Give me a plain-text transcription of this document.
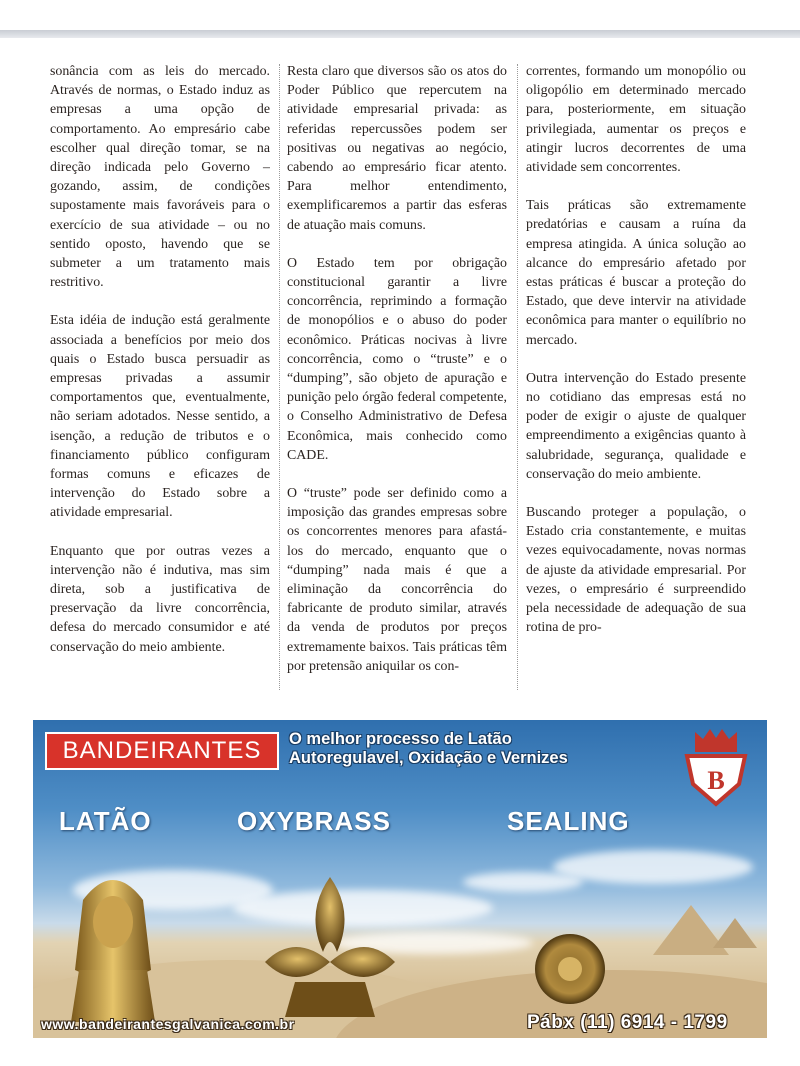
sonância com as leis do mercado. Através de normas, o Estado induz as empresas a uma opção de comportamento. Ao empresário cabe escolher qual direção tomar, se na direção indicada pelo Governo – gozando, assim, de condições supostamente mais favoráveis para o exercício de sua atividade – ou no sentido oposto, havendo que se submeter a um tratamento mais restritivo.

Esta idéia de indução está geralmente associada a benefícios por meio dos quais o Estado busca persuadir as empresas privadas a assumir comportamentos que, eventualmente, não seriam adotados. Nesse sentido, a isenção, a redução de tributos e o financiamento público configuram formas comuns e eficazes de intervenção do Estado sobre a atividade empresarial.

Enquanto que por outras vezes a intervenção não é indutiva, mas sim direta, sob a justificativa de preservação da livre concorrência, defesa do mercado consumidor e até conservação do meio ambiente.

Resta claro que diversos são os atos do Poder Público que repercutem na atividade empresarial privada: as referidas repercussões podem ser positivas ou negativas ao negócio, cabendo ao empresário ficar atento. Para melhor entendimento, exemplificaremos a partir das esferas de atuação mais comuns.

O Estado tem por obrigação constitucional garantir a livre concorrência, reprimindo a formação de monopólios e o abuso do poder econômico. Práticas nocivas à livre concorrência, como o “truste” e o “dumping”, são objeto de apuração e punição pelo órgão federal competente, o Conselho Administrativo de Defesa Econômica, mais conhecido como CADE.

O “truste” pode ser definido como a imposição das grandes empresas sobre os concorrentes menores para afastá-los do mercado, enquanto que o “dumping” nada mais é que a eliminação da concorrência do fabricante de produto similar, através da venda de produtos por preços extremamente baixos. Tais práticas têm por pretensão aniquilar os con-

correntes, formando um monopólio ou oligopólio em determinado mercado para, posteriormente, em situação privilegiada, aumentar os preços e atingir lucros decorrentes de uma atividade sem concorrentes.

Tais práticas são extremamente predatórias e causam a ruína da empresa atingida. A única solução ao alcance do empresário afetado por estas práticas é buscar a proteção do Estado, que deve intervir na atividade econômica para manter o equilíbrio no mercado.

Outra intervenção do Estado presente no cotidiano das empresas está no poder de exigir o ajuste de qualquer empreendimento a exigências quanto à salubridade, segurança, qualidade e conservação do meio ambiente.

Buscando proteger a população, o Estado cria constantemente, e muitas vezes equivocadamente, novas normas de ajuste da atividade empresarial. Por vezes, o empresário é surpreendido pela necessidade de adequação de sua rotina de pro-

BANDEIRANTES	O melhor processo de Latão
Autoregulavel, Oxidação e Vernizes
B
LATÃO	OXYBRASS	SEALING
www.bandeirantesgalvanica.com.br	Pábx (11) 6914 - 1799
